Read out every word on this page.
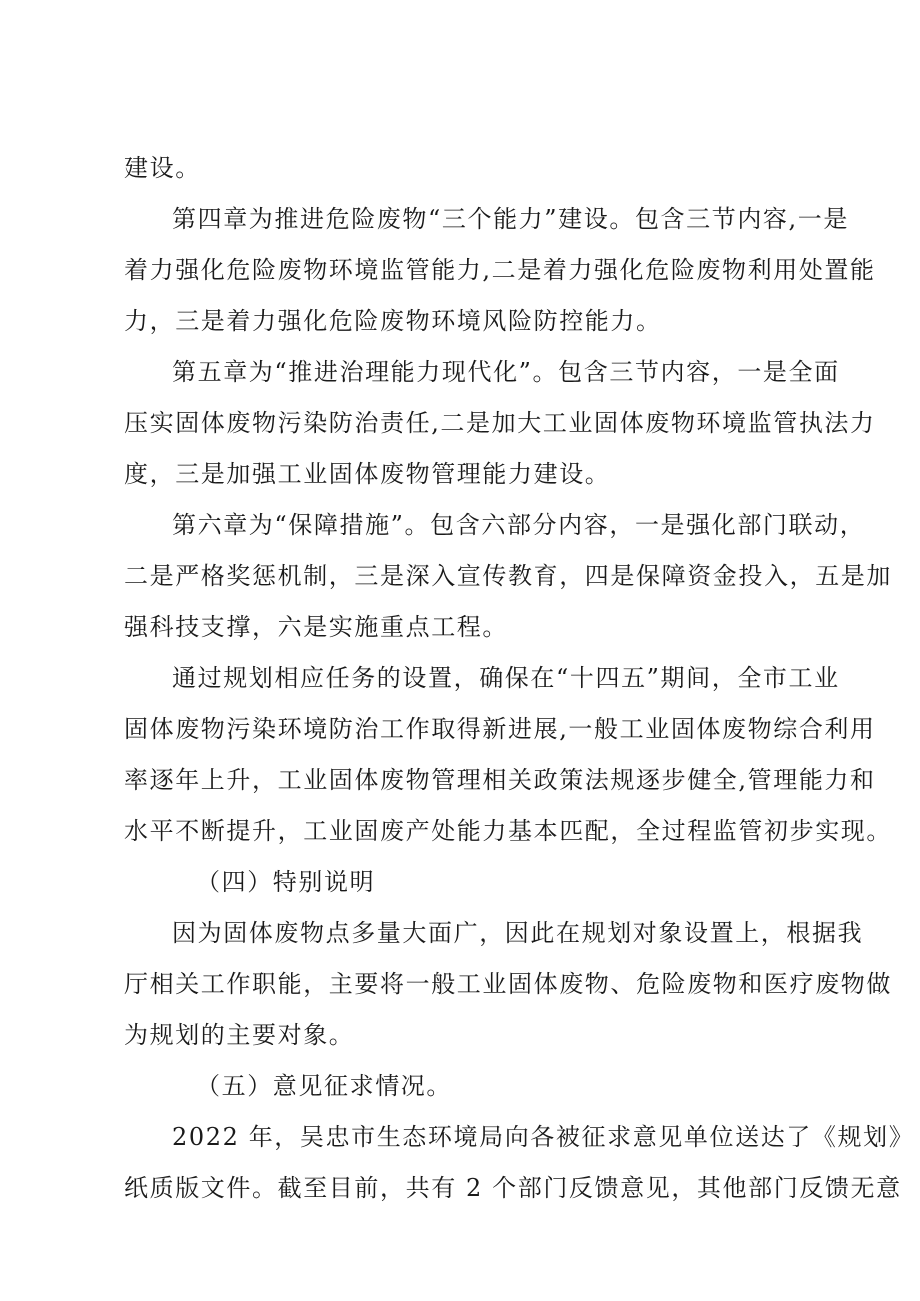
建设。
第四章为推进危险废物“三个能力”建设。包含三节内容,一是
着力强化危险废物环境监管能力,二是着力强化危险废物利用处置能
力，三是着力强化危险废物环境风险防控能力。
第五章为“推进治理能力现代化”。包含三节内容，一是全面
压实固体废物污染防治责任,二是加大工业固体废物环境监管执法力
度，三是加强工业固体废物管理能力建设。
第六章为“保障措施”。包含六部分内容，一是强化部门联动，
二是严格奖惩机制，三是深入宣传教育，四是保障资金投入，五是加
强科技支撑，六是实施重点工程。
通过规划相应任务的设置，确保在“十四五”期间，全市工业
固体废物污染环境防治工作取得新进展,一般工业固体废物综合利用
率逐年上升，工业固体废物管理相关政策法规逐步健全,管理能力和
水平不断提升，工业固废产处能力基本匹配，全过程监管初步实现。
（四）特别说明
因为固体废物点多量大面广，因此在规划对象设置上，根据我
厅相关工作职能，主要将一般工业固体废物、危险废物和医疗废物做
为规划的主要对象。
（五）意见征求情况。
2022 年，吴忠市生态环境局向各被征求意见单位送达了《规划》
纸质版文件。截至目前，共有 2 个部门反馈意见，其他部门反馈无意
